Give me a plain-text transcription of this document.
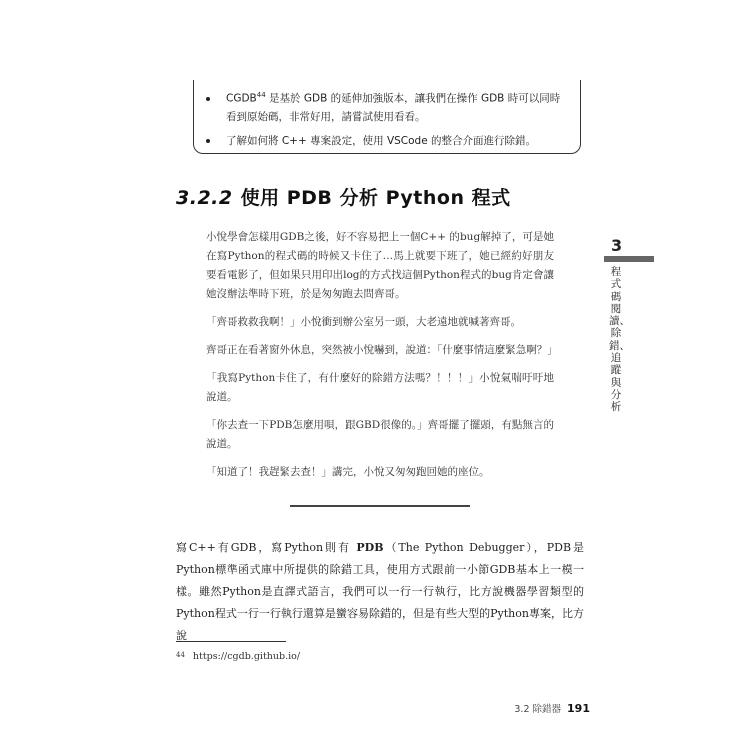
• CGDB$^{44}$ 是基於 GDB 的延伸加強版本，讓我們在操作 GDB 時可以同時看到原始碼，非常好用，請嘗試使用看看。
• 了解如何將 C++ 專案設定，使用 VSCode 的整合介面進行除錯。
3.2.2 使用 PDB 分析 Python 程式

小悅學會怎樣用GDB之後，好不容易把上一個C++ 的bug解掉了，可是她在寫Python的程式碼的時候又卡住了…馬上就要下班了，她已經約好朋友要看電影了，但如果只用印出log的方式找這個Python程式的bug肯定會讓她沒辦法準時下班，於是匆匆跑去問齊哥。

「齊哥救救我啊！」小悅衝到辦公室另一頭，大老遠地就喊著齊哥。

齊哥正在看著窗外休息，突然被小悅嚇到，說道：「什麼事情這麼緊急啊？」

「我寫Python卡住了，有什麼好的除錯方法嗎？！！！」小悅氣喘吁吁地說道。

「你去查一下PDB怎麼用唄，跟GBD很像的。」齊哥擺了擺頭，有點無言的說道。

「知道了！我趕緊去查！」講完，小悅又匆匆跑回她的座位。

寫C++有GDB，寫Python則有 PDB（The Python Debugger），PDB是Python標準函式庫中所提供的除錯工具，使用方式跟前一小節GDB基本上一模一樣。雖然Python是直譯式語言，我們可以一行一行執行，比方說機器學習類型的Python程式一行一行執行還算是蠻容易除錯的，但是有些大型的Python專案，比方說

$^{44}$ https://cgdb.github.io/
3
程式碼閱讀、除錯、追蹤與分析
3.2 除錯器 191
